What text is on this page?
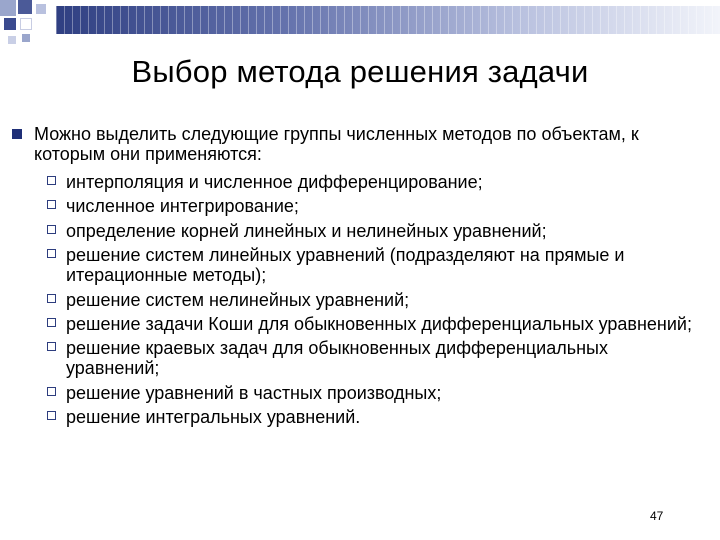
Выбор метода решения задачи
Можно выделить следующие группы численных методов по объектам, к которым они применяются:
интерполяция и численное дифференцирование;
численное интегрирование;
определение корней линейных и нелинейных уравнений;
решение систем линейных уравнений (подразделяют на прямые и итерационные методы);
решение систем нелинейных уравнений;
решение задачи Коши для обыкновенных дифференциальных уравнений;
решение краевых задач для обыкновенных дифференциальных уравнений;
решение уравнений в частных производных;
решение интегральных уравнений.
47
